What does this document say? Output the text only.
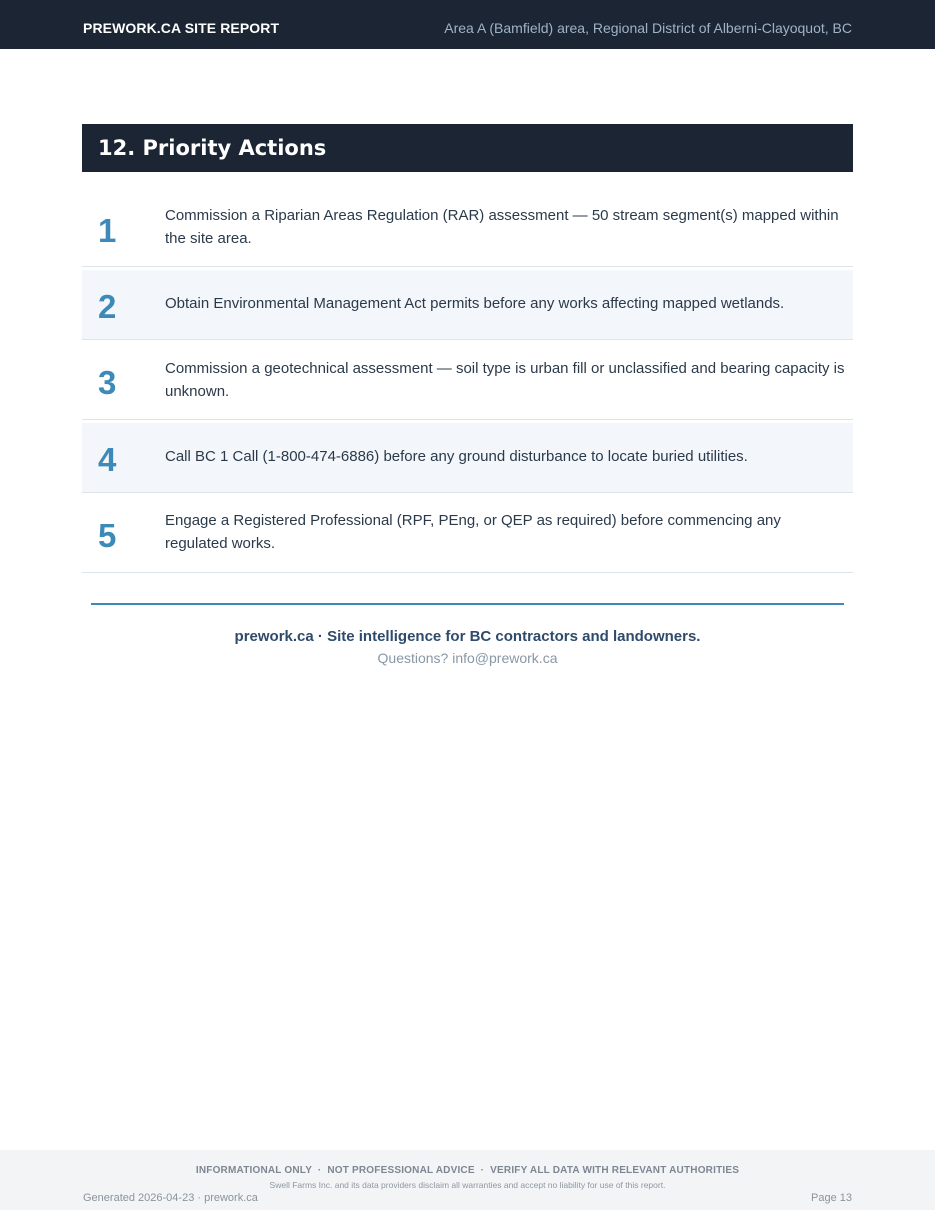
PREWORK.CA SITE REPORT	Area A (Bamfield) area, Regional District of Alberni-Clayoquot, BC
12. Priority Actions
1	Commission a Riparian Areas Regulation (RAR) assessment — 50 stream segment(s) mapped within the site area.
2	Obtain Environmental Management Act permits before any works affecting mapped wetlands.
3	Commission a geotechnical assessment — soil type is urban fill or unclassified and bearing capacity is unknown.
4	Call BC 1 Call (1-800-474-6886) before any ground disturbance to locate buried utilities.
5	Engage a Registered Professional (RPF, PEng, or QEP as required) before commencing any regulated works.
prework.ca · Site intelligence for BC contractors and landowners.
Questions? info@prework.ca
INFORMATIONAL ONLY  ·  NOT PROFESSIONAL ADVICE  ·  VERIFY ALL DATA WITH RELEVANT AUTHORITIES
Swell Farms Inc. and its data providers disclaim all warranties and accept no liability for use of this report.
Generated 2026-04-23 · prework.ca	Page 13
